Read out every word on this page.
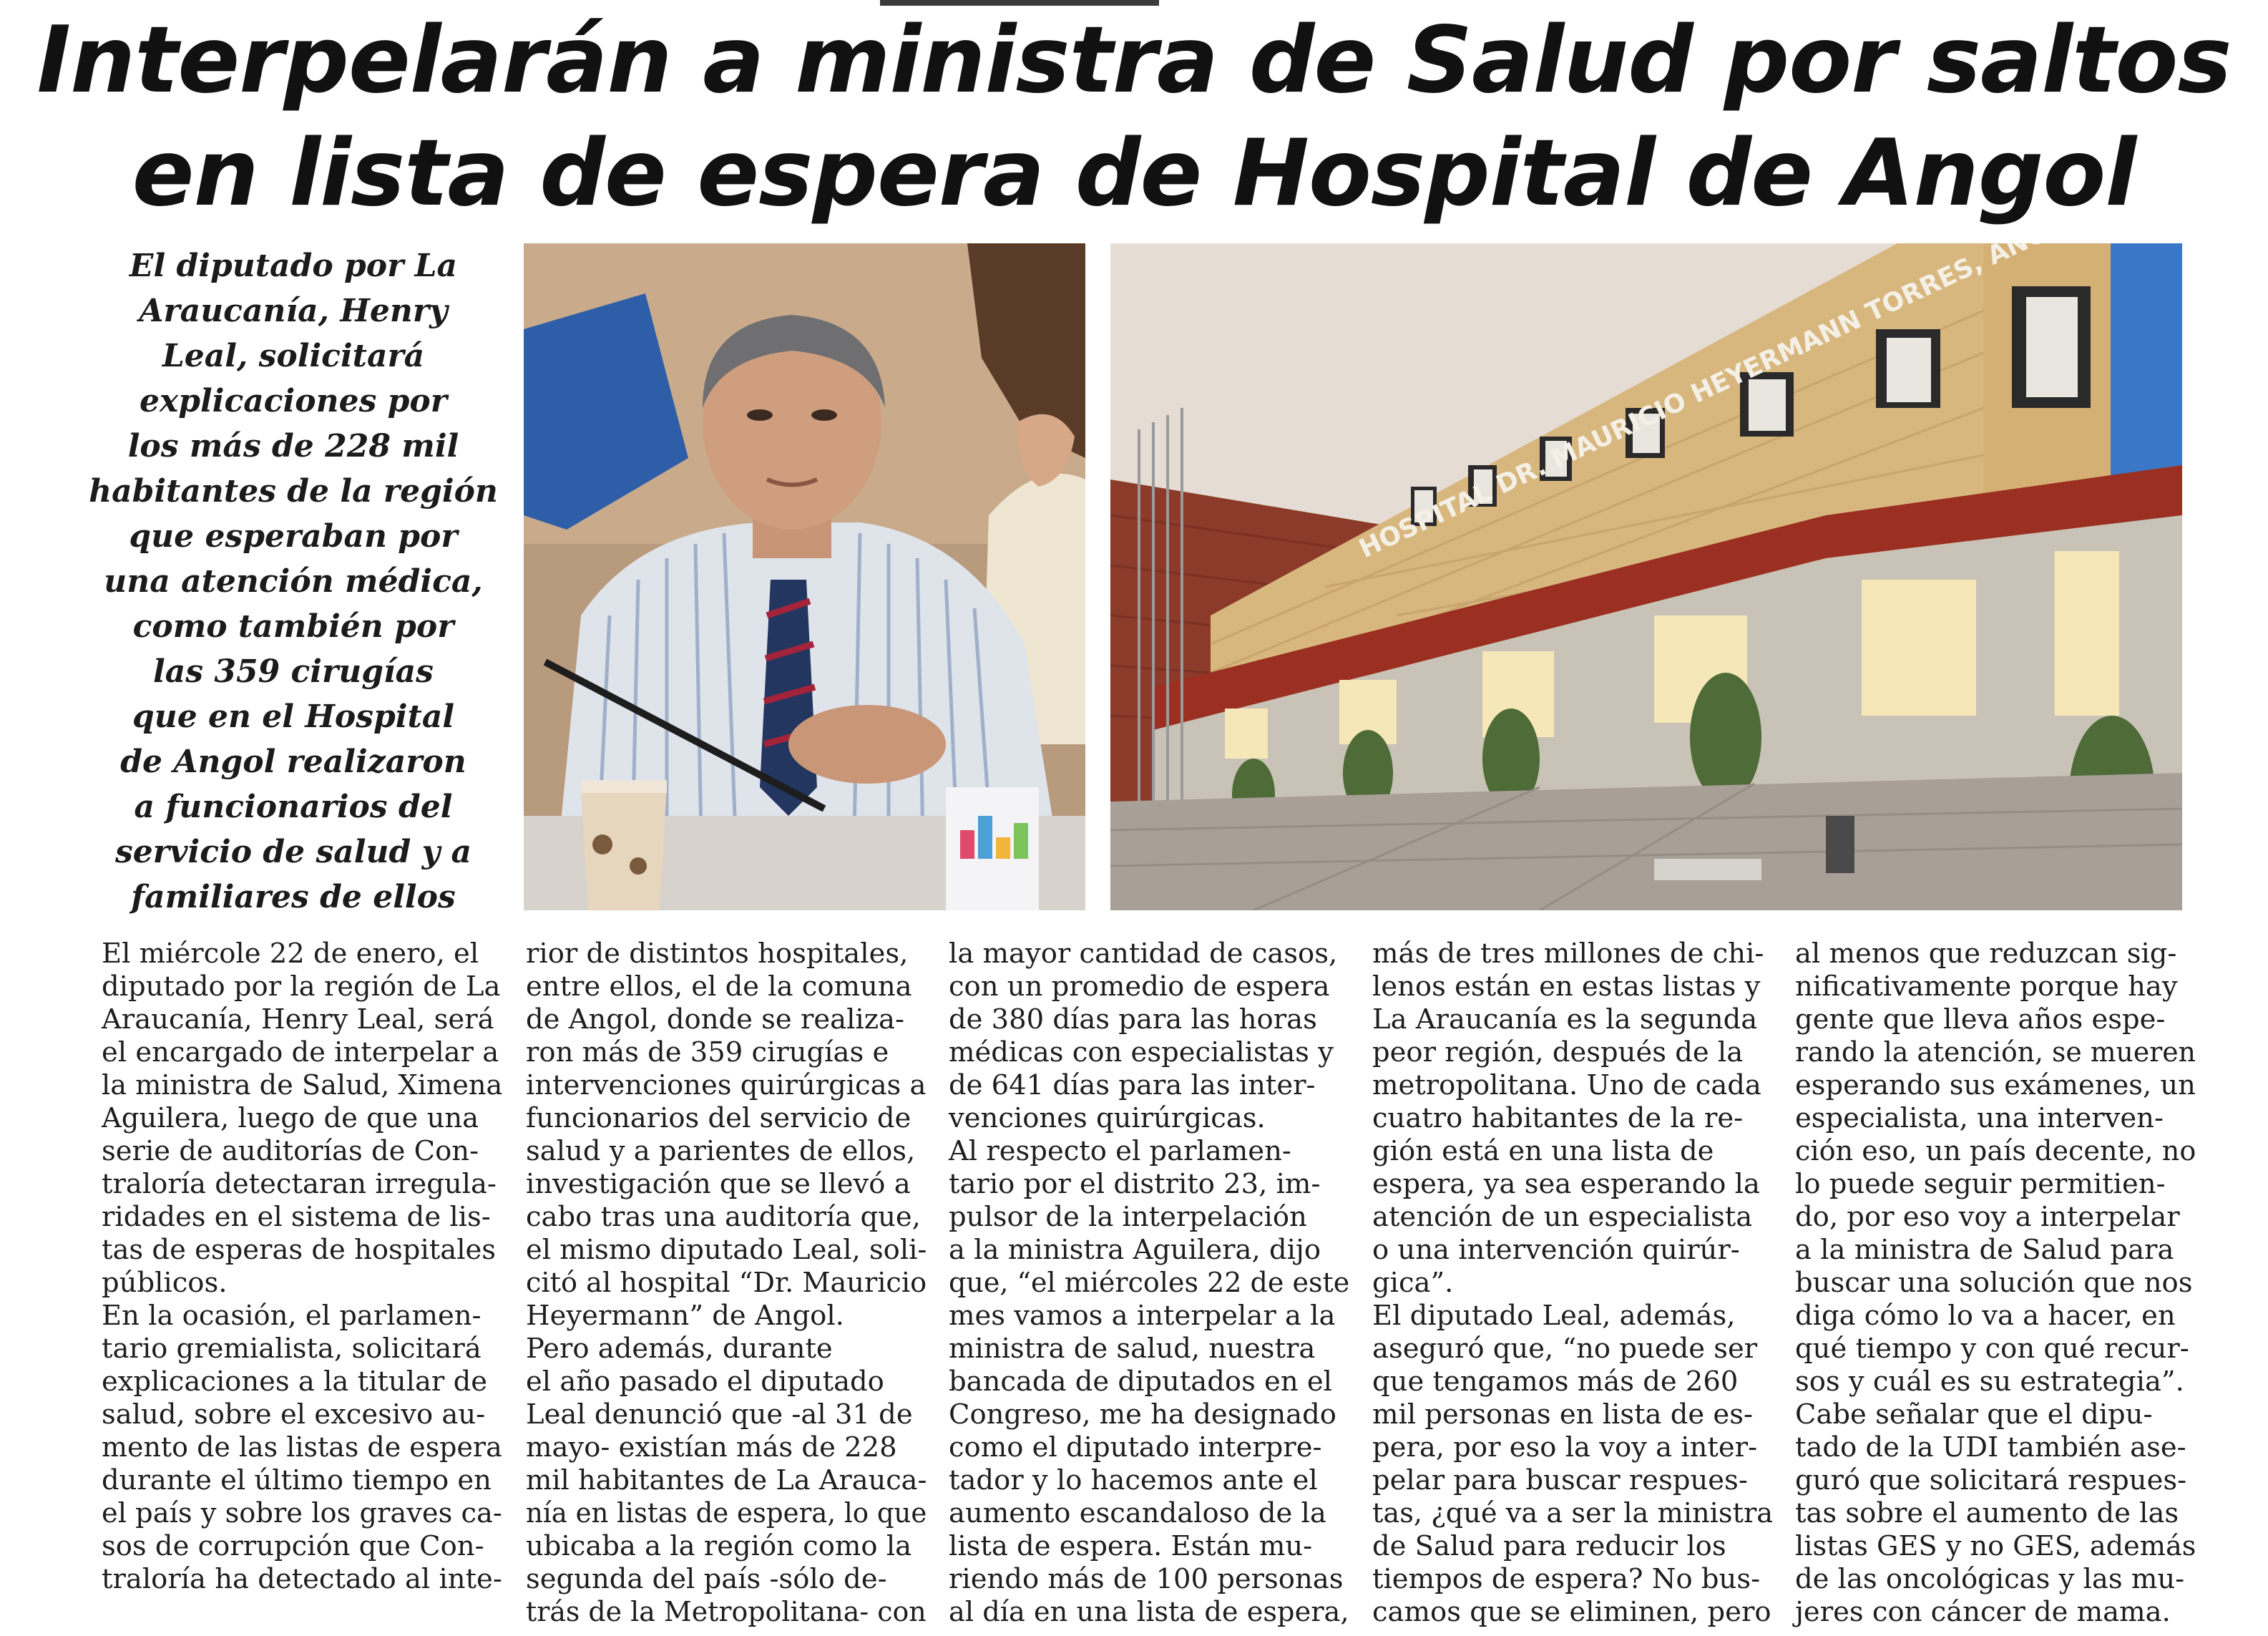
Interpelarán a ministra de Salud por saltos
en lista de espera de Hospital de Angol
El diputado por La
Araucanía, Henry
Leal, solicitará
explicaciones por
los más de 228 mil
habitantes de la región
que esperaban por
una atención médica,
como también por
las 359 cirugías
que en el Hospital
de Angol realizaron
a funcionarios del
servicio de salud y a
familiares de ellos
El miércole 22 de enero, el
diputado por la región de La
Araucanía, Henry Leal, será
el encargado de interpelar a
la ministra de Salud, Ximena
Aguilera, luego de que una
serie de auditorías de Con-
traloría detectaran irregula-
ridades en el sistema de lis-
tas de esperas de hospitales
públicos.
En la ocasión, el parlamen-
tario gremialista, solicitará
explicaciones a la titular de
salud, sobre el excesivo au-
mento de las listas de espera
durante el último tiempo en
el país y sobre los graves ca-
sos de corrupción que Con-
traloría ha detectado al inte-
rior de distintos hospitales,
entre ellos, el de la comuna
de Angol, donde se realiza-
ron más de 359 cirugías e
intervenciones quirúrgicas a
funcionarios del servicio de
salud y a parientes de ellos,
investigación que se llevó a
cabo tras una auditoría que,
el mismo diputado Leal, soli-
citó al hospital “Dr. Mauricio
Heyermann” de Angol.
Pero además, durante
el año pasado el diputado
Leal denunció que -al 31 de
mayo- existían más de 228
mil habitantes de La Arauca-
nía en listas de espera, lo que
ubicaba a la región como la
segunda del país -sólo de-
trás de la Metropolitana- con
la mayor cantidad de casos,
con un promedio de espera
de 380 días para las horas
médicas con especialistas y
de 641 días para las inter-
venciones quirúrgicas.
Al respecto el parlamen-
tario por el distrito 23, im-
pulsor de la interpelación
a la ministra Aguilera, dijo
que, “el miércoles 22 de este
mes vamos a interpelar a la
ministra de salud, nuestra
bancada de diputados en el
Congreso, me ha designado
como el diputado interpre-
tador y lo hacemos ante el
aumento escandaloso de la
lista de espera. Están mu-
riendo más de 100 personas
al día en una lista de espera,
más de tres millones de chi-
lenos están en estas listas y
La Araucanía es la segunda
peor región, después de la
metropolitana. Uno de cada
cuatro habitantes de la re-
gión está en una lista de
espera, ya sea esperando la
atención de un especialista
o una intervención quirúr-
gica”.
El diputado Leal, además,
aseguró que, “no puede ser
que tengamos más de 260
mil personas en lista de es-
pera, por eso la voy a inter-
pelar para buscar respues-
tas, ¿qué va a ser la ministra
de Salud para reducir los
tiempos de espera? No bus-
camos que se eliminen, pero
al menos que reduzcan sig-
nificativamente porque hay
gente que lleva años espe-
rando la atención, se mueren
esperando sus exámenes, un
especialista, una interven-
ción eso, un país decente, no
lo puede seguir permitien-
do, por eso voy a interpelar
a la ministra de Salud para
buscar una solución que nos
diga cómo lo va a hacer, en
qué tiempo y con qué recur-
sos y cuál es su estrategia”.
Cabe señalar que el dipu-
tado de la UDI también ase-
guró que solicitará respues-
tas sobre el aumento de las
listas GES y no GES, además
de las oncológicas y las mu-
jeres con cáncer de mama.
